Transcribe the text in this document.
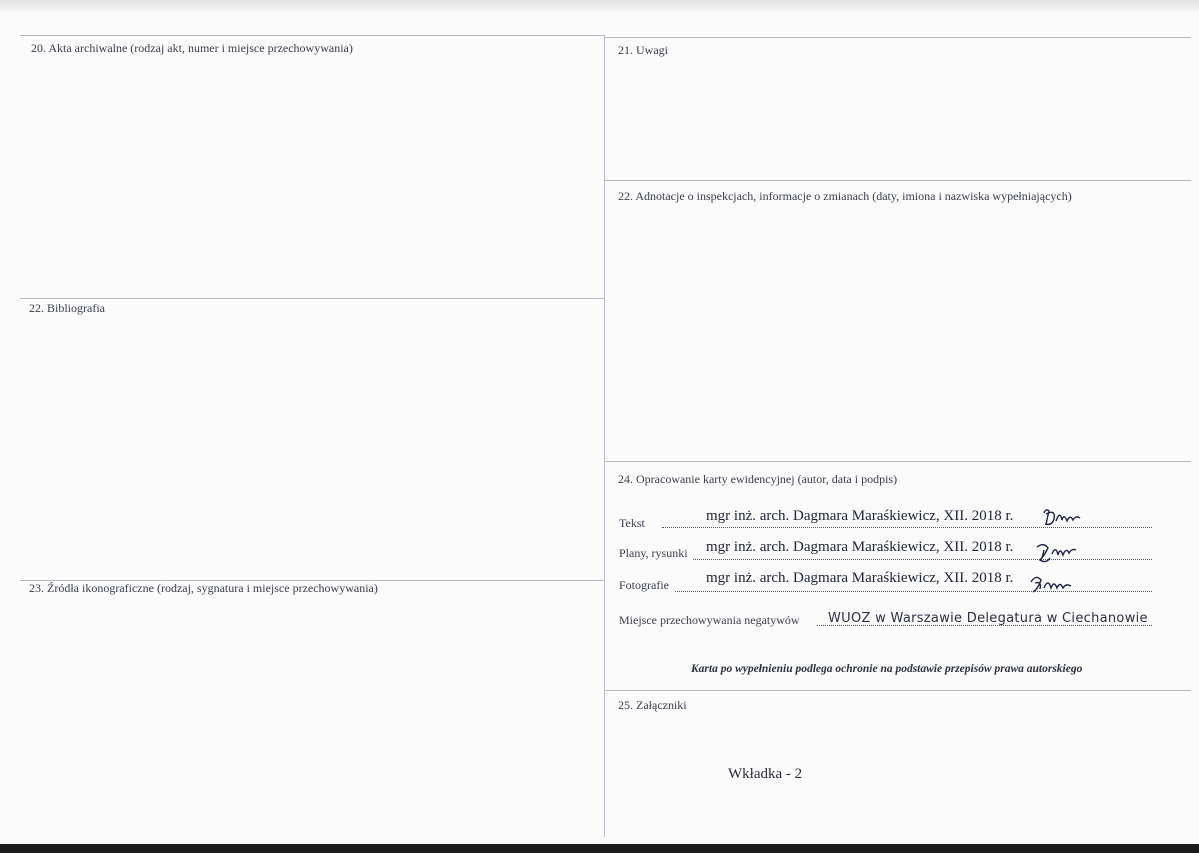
20. Akta archiwalne (rodzaj akt, numer i miejsce przechowywania)
22. Bibliografia
23. Źródła ikonograficzne (rodzaj, sygnatura i miejsce przechowywania)
21. Uwagi
22. Adnotacje o inspekcjach, informacje o zmianach (daty, imiona i nazwiska wypełniających)
24. Opracowanie karty ewidencyjnej (autor, data i podpis)
Tekst	mgr inż. arch. Dagmara Maraśkiewicz, XII. 2018 r.
Plany, rysunki mgr inż. arch. Dagmara Maraśkiewicz, XII. 2018 r.
Fotografie mgr inż. arch. Dagmara Maraśkiewicz, XII. 2018 r.
Miejsce przechowywania negatywów WUOZ w Warszawie Delegatura w Ciechanowie
Karta po wypełnieniu podlega ochronie na podstawie przepisów prawa autorskiego
25. Załączniki
Wkładka - 2
